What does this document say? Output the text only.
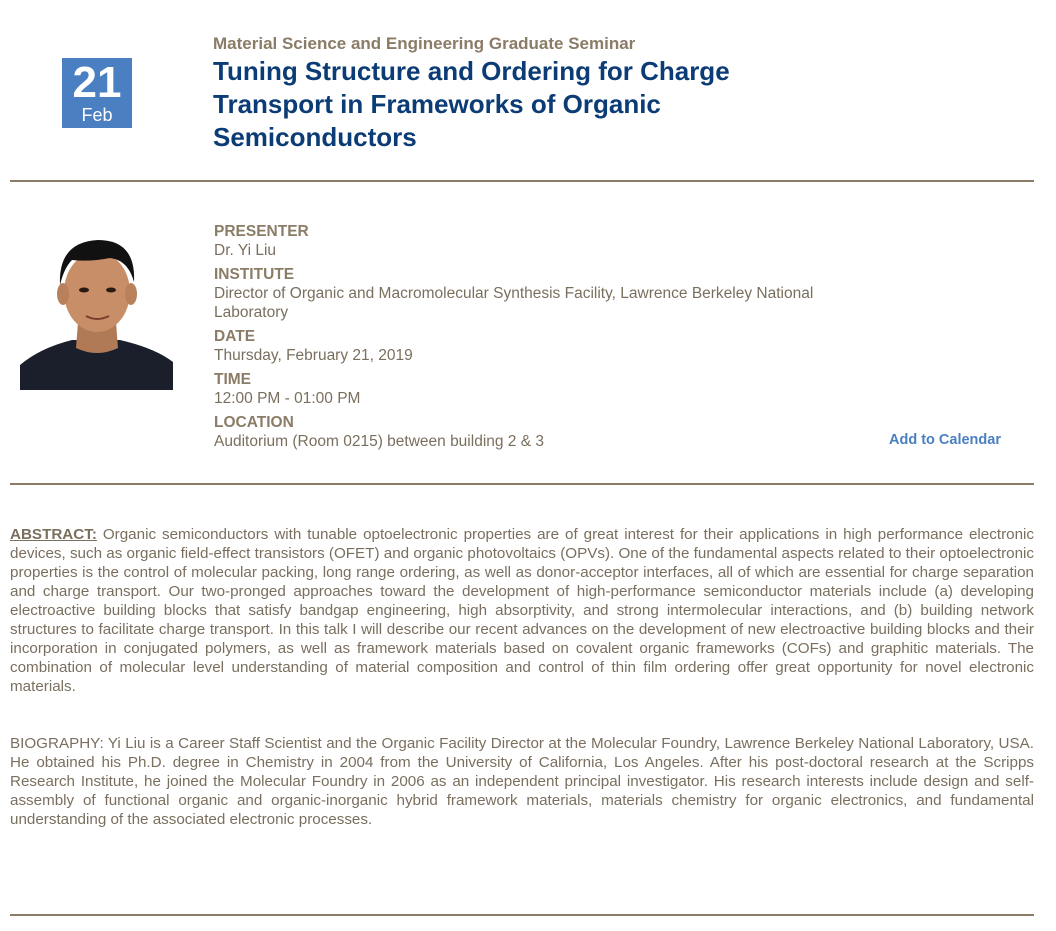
21
Feb
Material Science and Engineering Graduate Seminar
Tuning Structure and Ordering for Charge Transport in Frameworks of Organic Semiconductors
PRESENTER
Dr. Yi Liu
INSTITUTE
Director of Organic and Macromolecular Synthesis Facility, Lawrence Berkeley National Laboratory
DATE
Thursday, February 21, 2019
TIME
12:00 PM - 01:00 PM
LOCATION
Auditorium (Room 0215) between building 2 & 3	Add to Calendar
ABSTRACT: Organic semiconductors with tunable optoelectronic properties are of great interest for their applications in high performance electronic devices, such as organic field-effect transistors (OFET) and organic photovoltaics (OPVs). One of the fundamental aspects related to their optoelectronic properties is the control of molecular packing, long range ordering, as well as donor-acceptor interfaces, all of which are essential for charge separation and charge transport. Our two-pronged approaches toward the development of high-performance semiconductor materials include (a) developing electroactive building blocks that satisfy bandgap engineering, high absorptivity, and strong intermolecular interactions, and (b) building network structures to facilitate charge transport. In this talk I will describe our recent advances on the development of new electroactive building blocks and their incorporation in conjugated polymers, as well as framework materials based on covalent organic frameworks (COFs) and graphitic materials. The combination of molecular level understanding of material composition and control of thin film ordering offer great opportunity for novel electronic materials.
BIOGRAPHY: Yi Liu is a Career Staff Scientist and the Organic Facility Director at the Molecular Foundry, Lawrence Berkeley National Laboratory, USA. He obtained his Ph.D. degree in Chemistry in 2004 from the University of California, Los Angeles. After his post-doctoral research at the Scripps Research Institute, he joined the Molecular Foundry in 2006 as an independent principal investigator. His research interests include design and self-assembly of functional organic and organic-inorganic hybrid framework materials, materials chemistry for organic electronics, and fundamental understanding of the associated electronic processes.
